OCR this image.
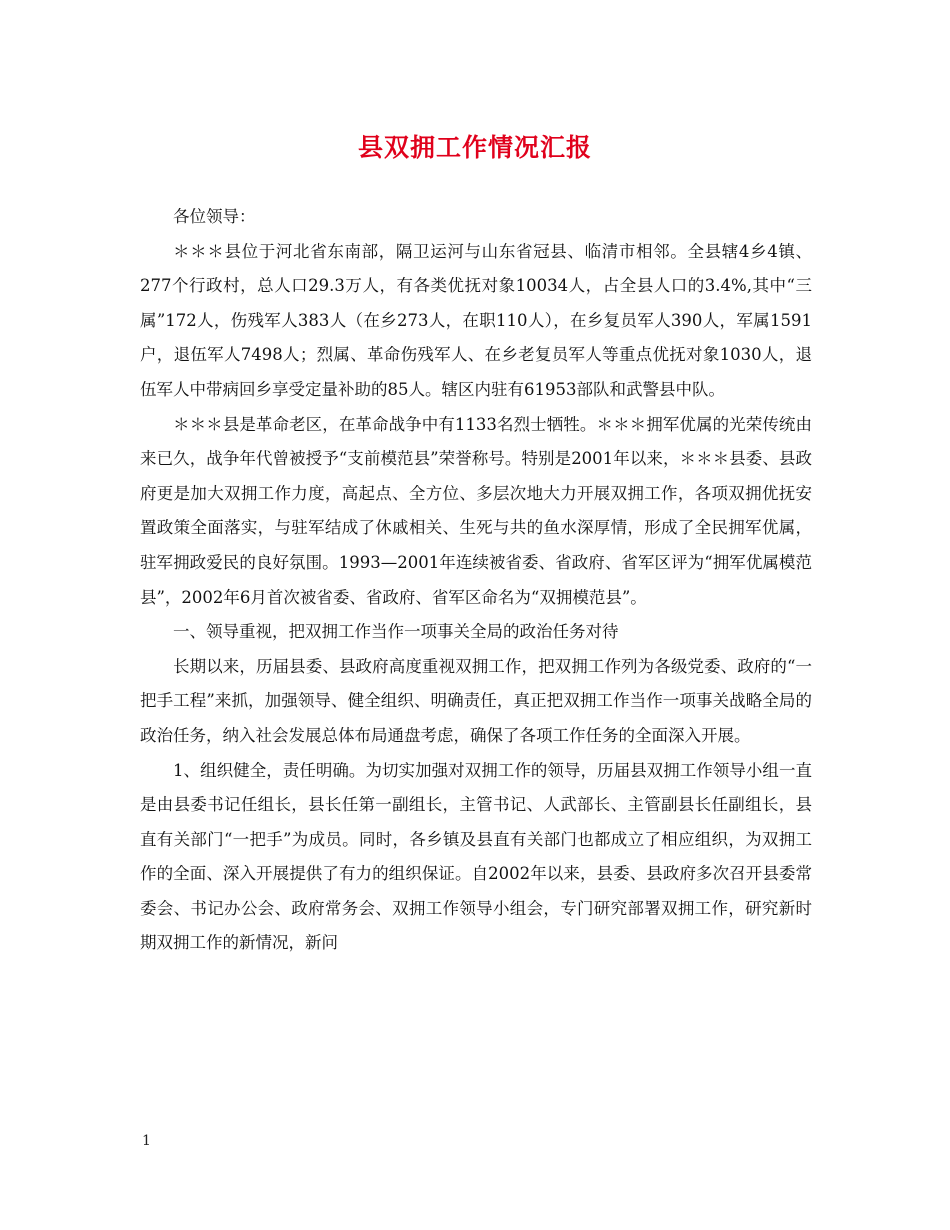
县双拥工作情况汇报

各位领导：

＊＊＊县位于河北省东南部，隔卫运河与山东省冠县、临清市相邻。全县辖4乡4镇、277个行政村，总人口29.3万人，有各类优抚对象10034人，占全县人口的3.4%,其中“三属”172人，伤残军人383人（在乡273人，在职110人），在乡复员军人390人，军属1591户，退伍军人7498人；烈属、革命伤残军人、在乡老复员军人等重点优抚对象1030人，退伍军人中带病回乡享受定量补助的85人。辖区内驻有61953部队和武警县中队。

＊＊＊县是革命老区，在革命战争中有1133名烈士牺牲。＊＊＊拥军优属的光荣传统由来已久，战争年代曾被授予“支前模范县”荣誉称号。特别是2001年以来，＊＊＊县委、县政府更是加大双拥工作力度，高起点、全方位、多层次地大力开展双拥工作，各项双拥优抚安置政策全面落实，与驻军结成了休戚相关、生死与共的鱼水深厚情，形成了全民拥军优属，驻军拥政爱民的良好氛围。1993—2001年连续被省委、省政府、省军区评为“拥军优属模范县”，2002年6月首次被省委、省政府、省军区命名为“双拥模范县”。

一、领导重视，把双拥工作当作一项事关全局的政治任务对待

长期以来，历届县委、县政府高度重视双拥工作，把双拥工作列为各级党委、政府的“一把手工程”来抓，加强领导、健全组织、明确责任，真正把双拥工作当作一项事关战略全局的政治任务，纳入社会发展总体布局通盘考虑，确保了各项工作任务的全面深入开展。

1、组织健全，责任明确。为切实加强对双拥工作的领导，历届县双拥工作领导小组一直是由县委书记任组长，县长任第一副组长，主管书记、人武部长、主管副县长任副组长，县直有关部门“一把手”为成员。同时，各乡镇及县直有关部门也都成立了相应组织，为双拥工作的全面、深入开展提供了有力的组织保证。自2002年以来，县委、县政府多次召开县委常委会、书记办公会、政府常务会、双拥工作领导小组会，专门研究部署双拥工作，研究新时期双拥工作的新情况，新问

1
